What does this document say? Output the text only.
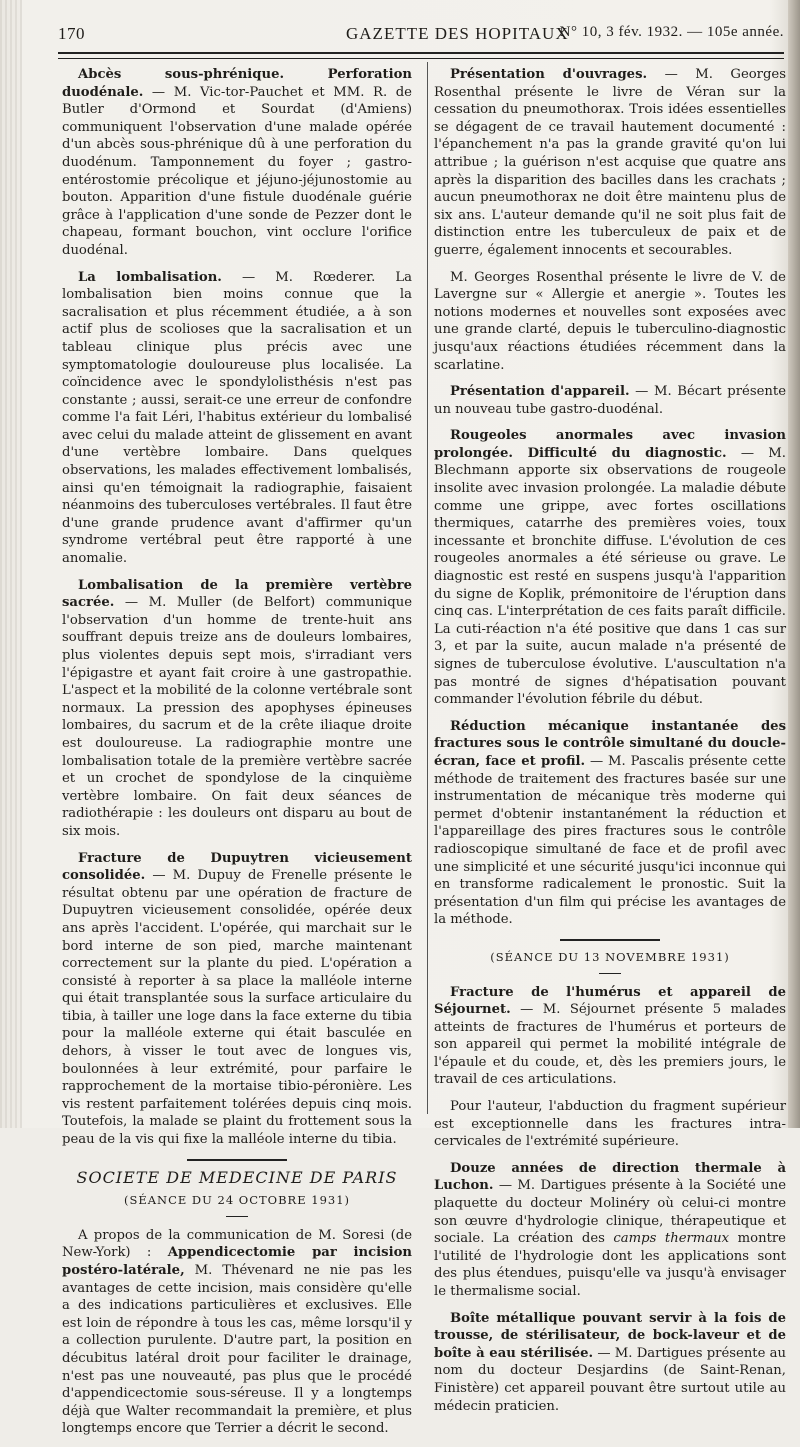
170	GAZETTE DES HOPITAUX
N° 10, 3 fév. 1932. — 105e année.

Abcès sous-phrénique. Perforation duodénale. — M. Vic-tor-Pauchet et MM. R. de Butler d'Ormond et Sourdat (d'Amiens) communiquent l'observation d'une malade opérée d'un abcès sous-phrénique dû à une perforation du duodénum. Tamponnement du foyer ; gastro-entérostomie précolique et jéjuno-jéjunostomie au bouton. Apparition d'une fistule duodénale guérie grâce à l'application d'une sonde de Pezzer dont le chapeau, formant bouchon, vint occlure l'orifice duodénal.

La lombalisation. — M. Rœderer. La lombalisation bien moins connue que la sacralisation et plus récemment étudiée, a à son actif plus de scolioses que la sacralisation et un tableau clinique plus précis avec une symptomatologie douloureuse plus localisée. La coïncidence avec le spondylolisthésis n'est pas constante ; aussi, serait-ce une erreur de confondre comme l'a fait Léri, l'habitus extérieur du lombalisé avec celui du malade atteint de glissement en avant d'une vertèbre lombaire. Dans quelques observations, les malades effectivement lombalisés, ainsi qu'en témoignait la radiographie, faisaient néanmoins des tuberculoses vertébrales. Il faut être d'une grande prudence avant d'affirmer qu'un syndrome vertébral peut être rapporté à une anomalie.

Lombalisation de la première vertèbre sacrée. — M. Muller (de Belfort) communique l'observation d'un homme de trente-huit ans souffrant depuis treize ans de douleurs lombaires, plus violentes depuis sept mois, s'irradiant vers l'épigastre et ayant fait croire à une gastropathie. L'aspect et la mobilité de la colonne vertébrale sont normaux. La pression des apophyses épineuses lombaires, du sacrum et de la crête iliaque droite est douloureuse. La radiographie montre une lombalisation totale de la première vertèbre sacrée et un crochet de spondylose de la cinquième vertèbre lombaire. On fait deux séances de radiothérapie : les douleurs ont disparu au bout de six mois.

Fracture de Dupuytren vicieusement consolidée. — M. Dupuy de Frenelle présente le résultat obtenu par une opération de fracture de Dupuytren vicieusement consolidée, opérée deux ans après l'accident. L'opérée, qui marchait sur le bord interne de son pied, marche maintenant correctement sur la plante du pied. L'opération a consisté à reporter à sa place la malléole interne qui était transplantée sous la surface articulaire du tibia, à tailler une loge dans la face externe du tibia pour la malléole externe qui était basculée en dehors, à visser le tout avec de longues vis, boulonnées à leur extrémité, pour parfaire le rapprochement de la mortaise tibio-péronière. Les vis restent parfaitement tolérées depuis cinq mois. Toutefois, la malade se plaint du frottement sous la peau de la vis qui fixe la malléole interne du tibia.

SOCIETE DE MEDECINE DE PARIS
(SÉANCE DU 24 OCTOBRE 1931)

A propos de la communication de M. Soresi (de New-York) : Appendicectomie par incision postéro-latérale, M. Thévenard ne nie pas les avantages de cette incision, mais considère qu'elle a des indications particulières et exclusives. Elle est loin de répondre à tous les cas, même lorsqu'il y a collection purulente. D'autre part, la position en décubitus latéral droit pour faciliter le drainage, n'est pas une nouveauté, pas plus que le procédé d'appendicectomie sous-séreuse. Il y a longtemps déjà que Walter recommandait la première, et plus longtemps encore que Terrier a décrit le second.

Présentation d'ouvrages. — M. Georges Rosenthal présente le livre de Véran sur la cessation du pneumothorax. Trois idées essentielles se dégagent de ce travail hautement documenté : l'épanchement n'a pas la grande gravité qu'on lui attribue ; la guérison n'est acquise que quatre ans après la disparition des bacilles dans les crachats ; aucun pneumothorax ne doit être maintenu plus de six ans. L'auteur demande qu'il ne soit plus fait de distinction entre les tuberculeux de paix et de guerre, également innocents et secourables.

M. Georges Rosenthal présente le livre de V. de Lavergne sur « Allergie et anergie ». Toutes les notions modernes et nouvelles sont exposées avec une grande clarté, depuis le tuberculino-diagnostic jusqu'aux réactions étudiées récemment dans la scarlatine.

Présentation d'appareil. — M. Bécart présente un nouveau tube gastro-duodénal.

Rougeoles anormales avec invasion prolongée. Difficulté du diagnostic. — M. Blechmann apporte six observations de rougeole insolite avec invasion prolongée. La maladie débute comme une grippe, avec fortes oscillations thermiques, catarrhe des premières voies, toux incessante et bronchite diffuse. L'évolution de ces rougeoles anormales a été sérieuse ou grave. Le diagnostic est resté en suspens jusqu'à l'apparition du signe de Koplik, prémonitoire de l'éruption dans cinq cas. L'interprétation de ces faits paraît difficile. La cuti-réaction n'a été positive que dans 1 cas sur 3, et par la suite, aucun malade n'a présenté de signes de tuberculose évolutive. L'auscultation n'a pas montré de signes d'hépatisation pouvant commander l'évolution fébrile du début.

Réduction mécanique instantanée des fractures sous le contrôle simultané du doucle-écran, face et profil. — M. Pascalis présente cette méthode de traitement des fractures basée sur une instrumentation de mécanique très moderne qui permet d'obtenir instantanément la réduction et l'appareillage des pires fractures sous le contrôle radioscopique simultané de face et de profil avec une simplicité et une sécurité jusqu'ici inconnue qui en transforme radicalement le pronostic. Suit la présentation d'un film qui précise les avantages de la méthode.

(SÉANCE DU 13 NOVEMBRE 1931)

Fracture de l'humérus et appareil de Séjournet. — M. Séjournet présente 5 malades atteints de fractures de l'humérus et porteurs de son appareil qui permet la mobilité intégrale de l'épaule et du coude, et, dès les premiers jours, le travail de ces articulations.

Pour l'auteur, l'abduction du fragment supérieur est exceptionnelle dans les fractures intra-cervicales de l'extrémité supérieure.

Douze années de direction thermale à Luchon. — M. Dartigues présente à la Société une plaquette du docteur Molinéry où celui-ci montre son œuvre d'hydrologie clinique, thérapeutique et sociale. La création des camps thermaux montre l'utilité de l'hydrologie dont les applications sont des plus étendues, puisqu'elle va jusqu'à envisager le thermalisme social.

Boîte métallique pouvant servir à la fois de trousse, de stérilisateur, de bock-laveur et de boîte à eau stérilisée. — M. Dartigues présente au nom du docteur Desjardins (de Saint-Renan, Finistère) cet appareil pouvant être surtout utile au médecin praticien.
